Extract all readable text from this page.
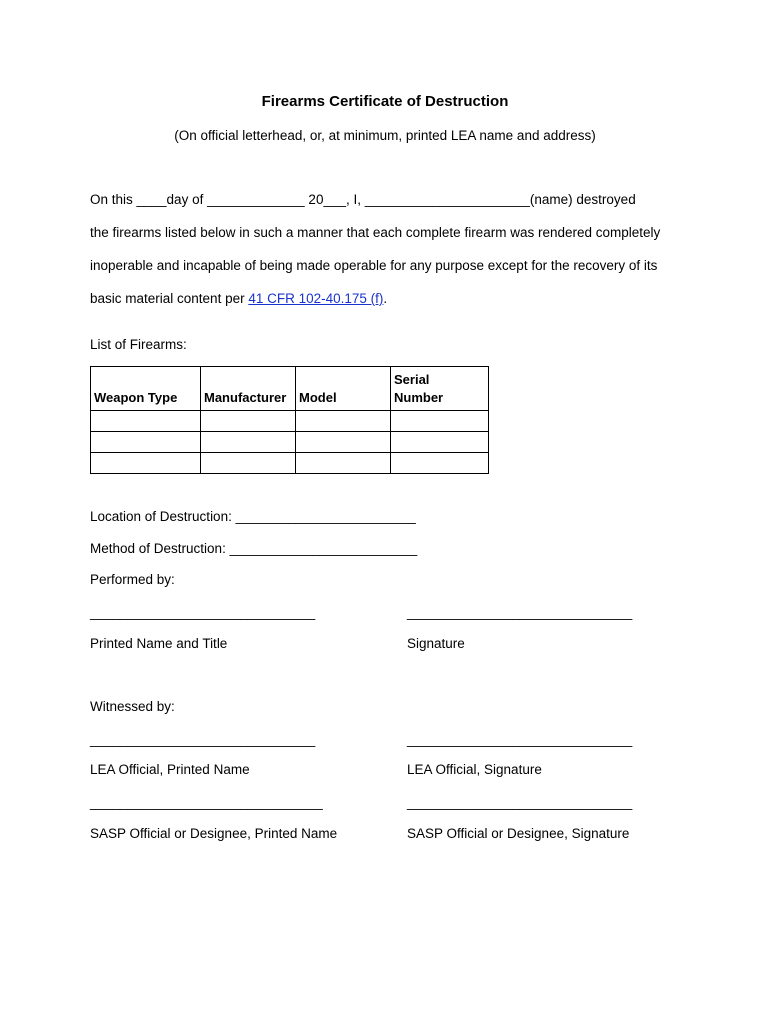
Firearms Certificate of Destruction
(On official letterhead, or, at minimum, printed LEA name and address)
On this ____day of _____________ 20___, I, ______________________(name) destroyed
the firearms listed below in such a manner that each complete firearm was rendered completely
inoperable and incapable of being made operable for any purpose except for the recovery of its
basic material content per 41 CFR 102-40.175 (f).
List of Firearms:
Weapon Type	Manufacturer	Model	Serial
Number

Location of Destruction: ________________________
Method of Destruction: _________________________
Performed by:
______________________________	______________________________
Printed Name and Title	Signature
Witnessed by:
______________________________	______________________________
LEA Official, Printed Name	LEA Official, Signature
_______________________________	______________________________
SASP Official or Designee, Printed Name	SASP Official or Designee, Signature
